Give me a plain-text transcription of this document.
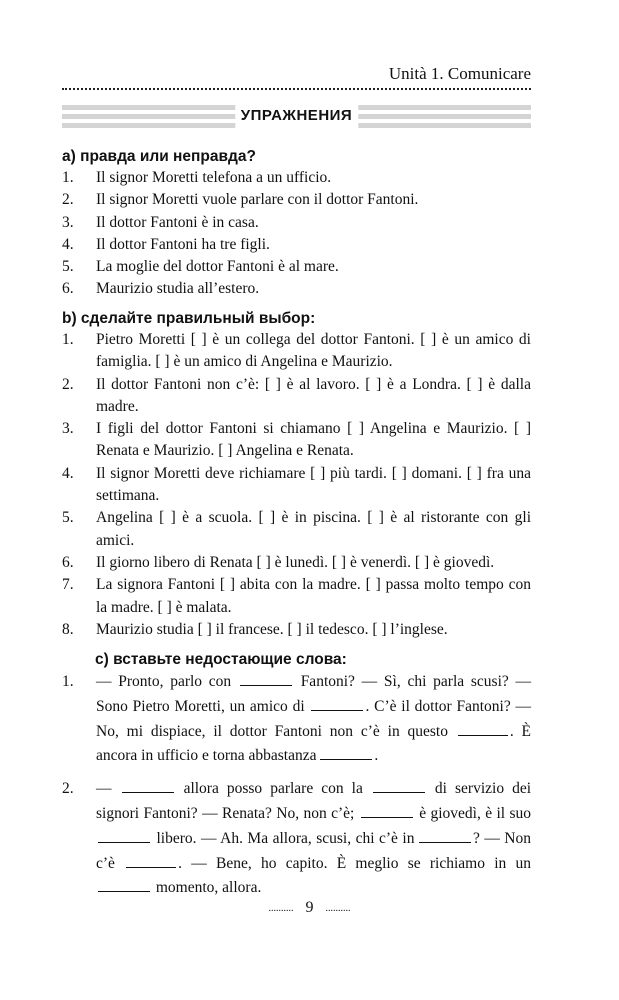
Unità 1. Comunicare
УПРАЖНЕНИЯ
а) правда или неправда?
1. Il signor Moretti telefona a un ufficio.
2. Il signor Moretti vuole parlare con il dottor Fantoni.
3. Il dottor Fantoni è in casa.
4. Il dottor Fantoni ha tre figli.
5. La moglie del dottor Fantoni è al mare.
6. Maurizio studia all’estero.
b) сделайте правильный выбор:
1. Pietro Moretti [ ] è un collega del dottor Fantoni. [ ] è un amico di famiglia. [ ] è un amico di Angelina e Maurizio.
2. Il dottor Fantoni non c’è: [ ] è al lavoro. [ ] è a Londra. [ ] è dalla madre.
3. I figli del dottor Fantoni si chiamano [ ] Angelina e Maurizio. [ ] Renata e Maurizio. [ ] Angelina e Renata.
4. Il signor Moretti deve richiamare [ ] più tardi. [ ] domani. [ ] fra una settimana.
5. Angelina [ ] è a scuola. [ ] è in piscina. [ ] è al ristorante con gli amici.
6. Il giorno libero di Renata [ ] è lunedì. [ ] è venerdì. [ ] è giovedì.
7. La signora Fantoni [ ] abita con la madre. [ ] passa molto tempo con la madre. [ ] è malata.
8. Maurizio studia [ ] il francese. [ ] il tedesco. [ ] l’inglese.
c) вставьте недостающие слова:
1. — Pronto, parlo con	Fantoni? — Sì, chi parla scusi? — Sono Pietro Moretti, un amico di	. C’è il dottor Fantoni? — No, mi dispiace, il dottor Fantoni non c’è in questo	. È ancora in ufficio e torna abbastanza	.
2. —	allora posso parlare con la	di servizio dei signori Fantoni? — Renata? No, non c’è;	è giovedì, è il suo  libero. — Ah. Ma allora, scusi, chi c’è in	? — Non c’è	. — Bene, ho capito. È meglio se richiamo in un  momento, allora.
.......... 9 ..........
